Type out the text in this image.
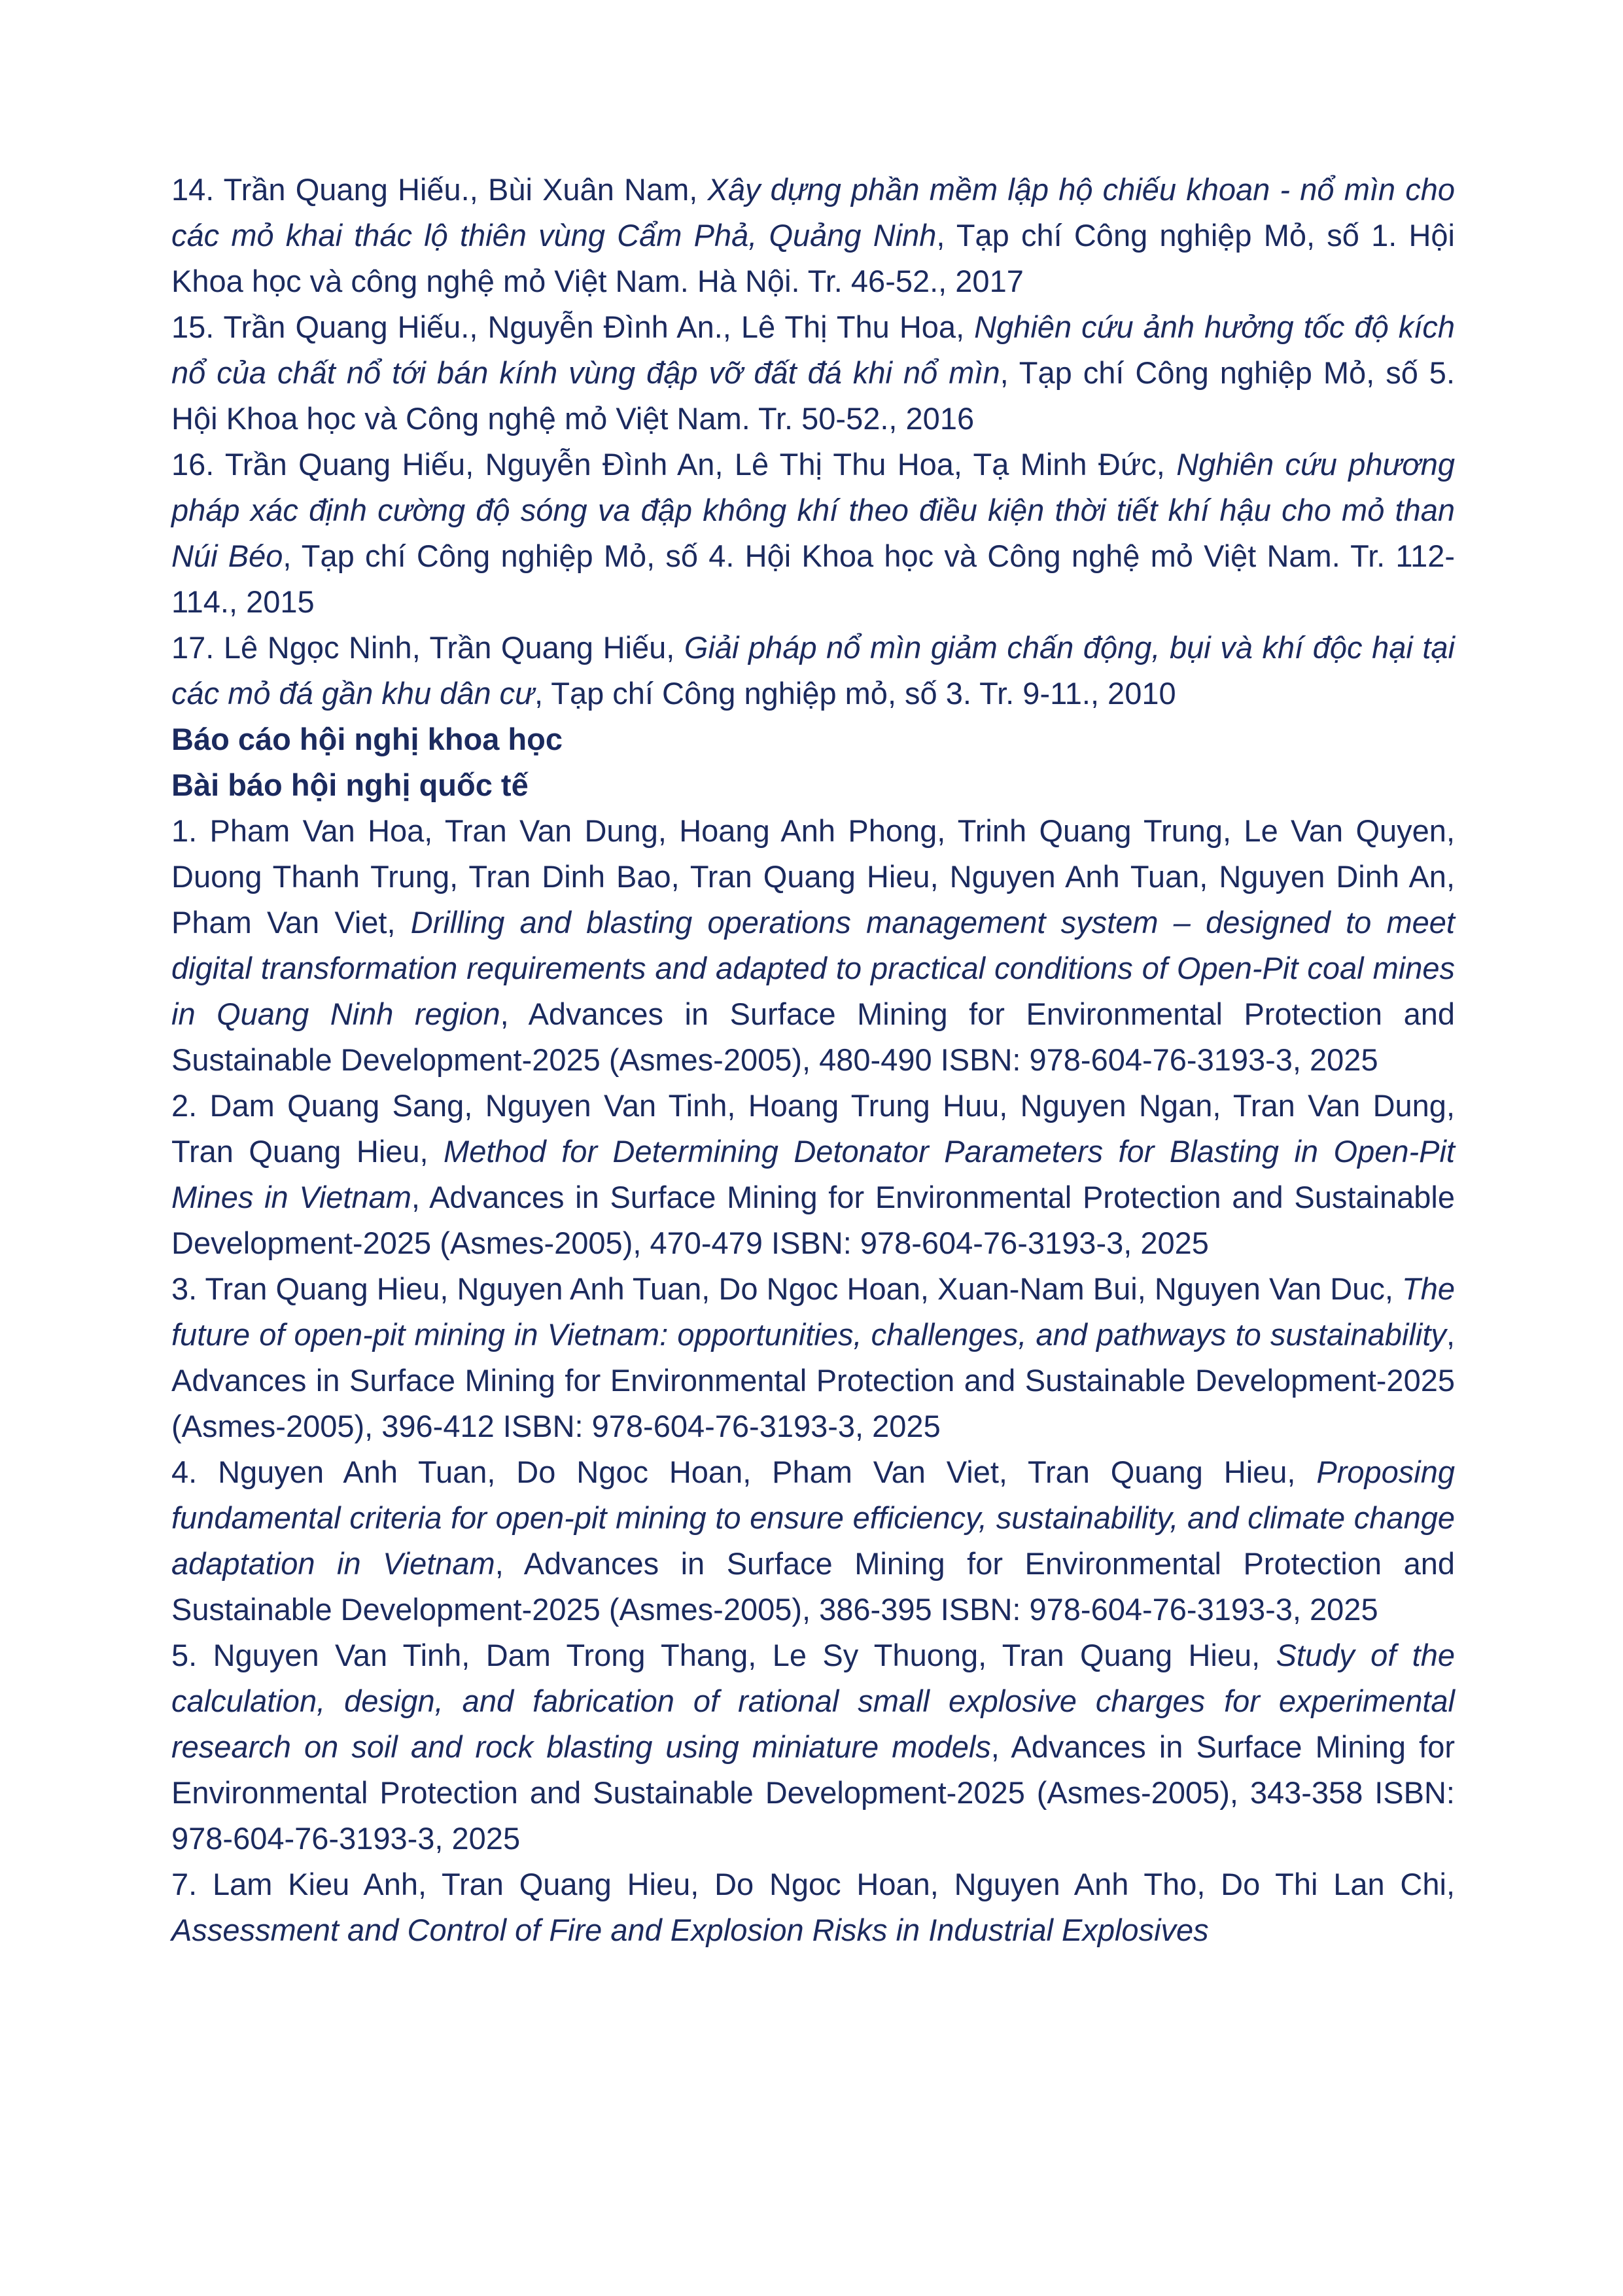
14. Trần Quang Hiếu., Bùi Xuân Nam, Xây dựng phần mềm lập hộ chiếu khoan - nổ mìn cho các mỏ khai thác lộ thiên vùng Cẩm Phả, Quảng Ninh, Tạp chí Công nghiệp Mỏ, số 1. Hội Khoa học và công nghệ mỏ Việt Nam. Hà Nội. Tr. 46-52., 2017

15. Trần Quang Hiếu., Nguyễn Đình An., Lê Thị Thu Hoa, Nghiên cứu ảnh hưởng tốc độ kích nổ của chất nổ tới bán kính vùng đập vỡ đất đá khi nổ mìn, Tạp chí Công nghiệp Mỏ, số 5. Hội Khoa học và Công nghệ mỏ Việt Nam. Tr. 50-52., 2016

16. Trần Quang Hiếu, Nguyễn Đình An, Lê Thị Thu Hoa, Tạ Minh Đức, Nghiên cứu phương pháp xác định cường độ sóng va đập không khí theo điều kiện thời tiết khí hậu cho mỏ than Núi Béo, Tạp chí Công nghiệp Mỏ, số 4. Hội Khoa học và Công nghệ mỏ Việt Nam. Tr. 112-114., 2015

17. Lê Ngọc Ninh, Trần Quang Hiếu, Giải pháp nổ mìn giảm chấn động, bụi và khí độc hại tại các mỏ đá gần khu dân cư, Tạp chí Công nghiệp mỏ, số 3. Tr. 9-11., 2010

Báo cáo hội nghị khoa học

Bài báo hội nghị quốc tế

1. Pham Van Hoa, Tran Van Dung, Hoang Anh Phong, Trinh Quang Trung, Le Van Quyen, Duong Thanh Trung, Tran Dinh Bao, Tran Quang Hieu, Nguyen Anh Tuan, Nguyen Dinh An, Pham Van Viet, Drilling and blasting operations management system – designed to meet digital transformation requirements and adapted to practical conditions of Open-Pit coal mines in Quang Ninh region, Advances in Surface Mining for Environmental Protection and Sustainable Development-2025 (Asmes-2005), 480-490 ISBN: 978-604-76-3193-3, 2025

2. Dam Quang Sang, Nguyen Van Tinh, Hoang Trung Huu, Nguyen Ngan, Tran Van Dung, Tran Quang Hieu, Method for Determining Detonator Parameters for Blasting in Open-Pit Mines in Vietnam, Advances in Surface Mining for Environmental Protection and Sustainable Development-2025 (Asmes-2005), 470-479 ISBN: 978-604-76-3193-3, 2025

3. Tran Quang Hieu, Nguyen Anh Tuan, Do Ngoc Hoan, Xuan-Nam Bui, Nguyen Van Duc, The future of open-pit mining in Vietnam: opportunities, challenges, and pathways to sustainability, Advances in Surface Mining for Environmental Protection and Sustainable Development-2025 (Asmes-2005), 396-412 ISBN: 978-604-76-3193-3, 2025

4. Nguyen Anh Tuan, Do Ngoc Hoan, Pham Van Viet, Tran Quang Hieu, Proposing fundamental criteria for open-pit mining to ensure efficiency, sustainability, and climate change adaptation in Vietnam, Advances in Surface Mining for Environmental Protection and Sustainable Development-2025 (Asmes-2005), 386-395 ISBN: 978-604-76-3193-3, 2025

5. Nguyen Van Tinh, Dam Trong Thang, Le Sy Thuong, Tran Quang Hieu, Study of the calculation, design, and fabrication of rational small explosive charges for experimental research on soil and rock blasting using miniature models, Advances in Surface Mining for Environmental Protection and Sustainable Development-2025 (Asmes-2005), 343-358 ISBN: 978-604-76-3193-3, 2025

7. Lam Kieu Anh, Tran Quang Hieu, Do Ngoc Hoan, Nguyen Anh Tho, Do Thi Lan Chi, Assessment and Control of Fire and Explosion Risks in Industrial Explosives
